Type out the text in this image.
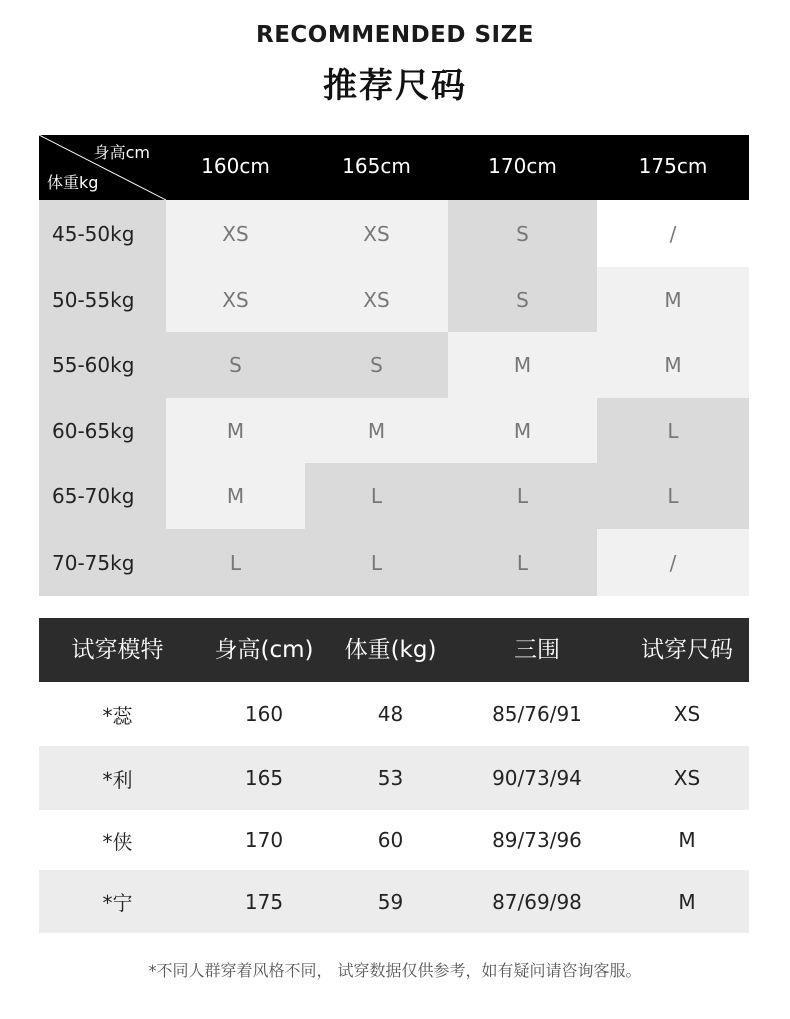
RECOMMENDED SIZE
推荐尺码
身高cm
体重kg
160cm	165cm	170cm	175cm
45-50kg	XS	XS	S	/
50-55kg	XS	XS	S	M
55-60kg	S	S	M	M
60-65kg	M	M	M	L
65-70kg	M	L	L	L
70-75kg	L	L	L	/
试穿模特	身高(cm)	体重(kg)	三围	试穿尺码
*蕊	160	48	85/76/91	XS
*利	165	53	90/73/94	XS
*侠	170	60	89/73/96	M
*宁	175	59	87/69/98	M
*不同人群穿着风格不同， 试穿数据仅供参考，如有疑问请咨询客服。
